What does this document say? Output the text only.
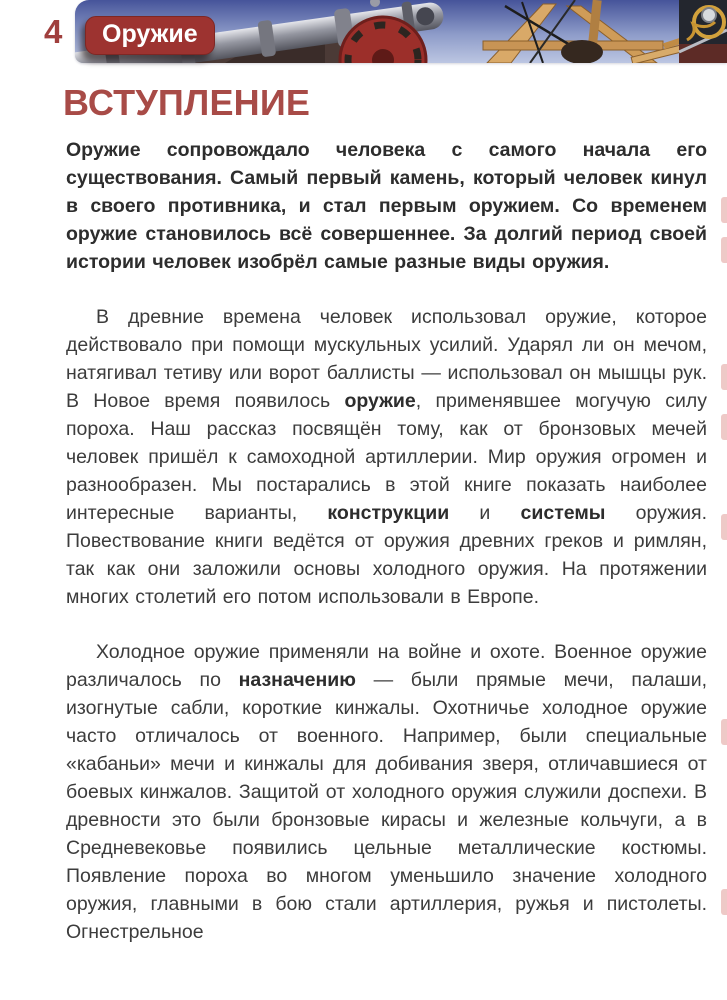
4	Оружие
ВСТУПЛЕНИЕ

Оружие сопровождало человека с самого начала его существования. Самый первый камень, который человек кинул в своего противника, и стал первым оружием. Со временем оружие становилось всё совершеннее. За долгий период своей истории человек изобрёл самые разные виды оружия.

В древние времена человек использовал оружие, которое действовало при помощи мускульных усилий. Ударял ли он мечом, натягивал тетиву или ворот баллисты — использовал он мышцы рук. В Новое время появилось оружие, применявшее могучую силу пороха. Наш рассказ посвящён тому, как от бронзовых мечей человек пришёл к самоходной артиллерии. Мир оружия огромен и разнообразен. Мы постарались в этой книге показать наиболее интересные варианты, конструкции и системы оружия. Повествование книги ведётся от оружия древних греков и римлян, так как они заложили основы холодного оружия. На протяжении многих столетий его потом использовали в Европе.

Холодное оружие применяли на войне и охоте. Военное оружие различалось по назначению — были прямые мечи, палаши, изогнутые сабли, короткие кинжалы. Охотничье холодное оружие часто отличалось от военного. Например, были специальные «кабаньи» мечи и кинжалы для добивания зверя, отличавшиеся от боевых кинжалов. Защитой от холодного оружия служили доспехи. В древности это были бронзовые кирасы и железные кольчуги, а в Средневековье появились цельные металлические костюмы. Появление пороха во многом уменьшило значение холодного оружия, главными в бою стали артиллерия, ружья и пистолеты. Огнестрельное
